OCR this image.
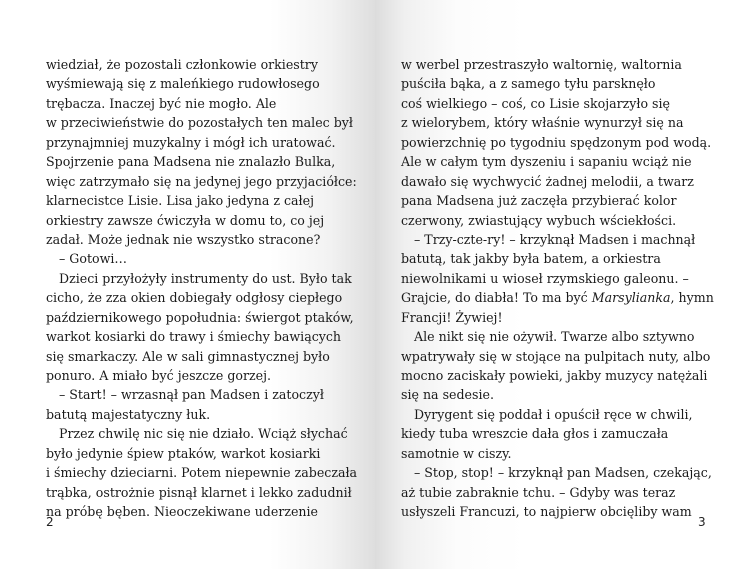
wiedział, że pozostali członkowie orkiestry
wyśmiewają się z maleńkiego rudowłosego
trębacza. Inaczej być nie mogło. Ale
w przeciwieństwie do pozostałych ten malec był
przynajmniej muzykalny i mógł ich uratować.
Spojrzenie pana Madsena nie znalazło Bulka,
więc zatrzymało się na jedynej jego przyjaciółce:
klarnecistce Lisie. Lisa jako jedyna z całej
orkiestry zawsze ćwiczyła w domu to, co jej
zadał. Może jednak nie wszystko stracone?
– Gotowi…
Dzieci przyłożyły instrumenty do ust. Było tak
cicho, że zza okien dobiegały odgłosy ciepłego
październikowego popołudnia: świergot ptaków,
warkot kosiarki do trawy i śmiechy bawiących
się smarkaczy. Ale w sali gimnastycznej było
ponuro. A miało być jeszcze gorzej.
– Start! – wrzasnął pan Madsen i zatoczył
batutą majestatyczny łuk.
Przez chwilę nic się nie działo. Wciąż słychać
było jedynie śpiew ptaków, warkot kosiarki
i śmiechy dzieciarni. Potem niepewnie zabeczała
trąbka, ostrożnie pisnął klarnet i lekko zadudnił
na próbę bęben. Nieoczekiwane uderzenie
2
w werbel przestraszyło waltornię, waltornia
puściła bąka, a z samego tyłu parsknęło
coś wielkiego – coś, co Lisie skojarzyło się
z wielorybem, który właśnie wynurzył się na
powierzchnię po tygodniu spędzonym pod wodą.
Ale w całym tym dyszeniu i sapaniu wciąż nie
dawało się wychwycić żadnej melodii, a twarz
pana Madsena już zaczęła przybierać kolor
czerwony, zwiastujący wybuch wściekłości.
– Trzy-czte-ry! – krzyknął Madsen i machnął
batutą, tak jakby była batem, a orkiestra
niewolnikami u wioseł rzymskiego galeonu. –
Grajcie, do diabła! To ma być Marsylianka, hymn
Francji! Żywiej!
Ale nikt się nie ożywił. Twarze albo sztywno
wpatrywały się w stojące na pulpitach nuty, albo
mocno zaciskały powieki, jakby muzycy natężali
się na sedesie.
Dyrygent się poddał i opuścił ręce w chwili,
kiedy tuba wreszcie dała głos i zamuczała
samotnie w ciszy.
– Stop, stop! – krzyknął pan Madsen, czekając,
aż tubie zabraknie tchu. – Gdyby was teraz
usłyszeli Francuzi, to najpierw obcięliby wam
3
